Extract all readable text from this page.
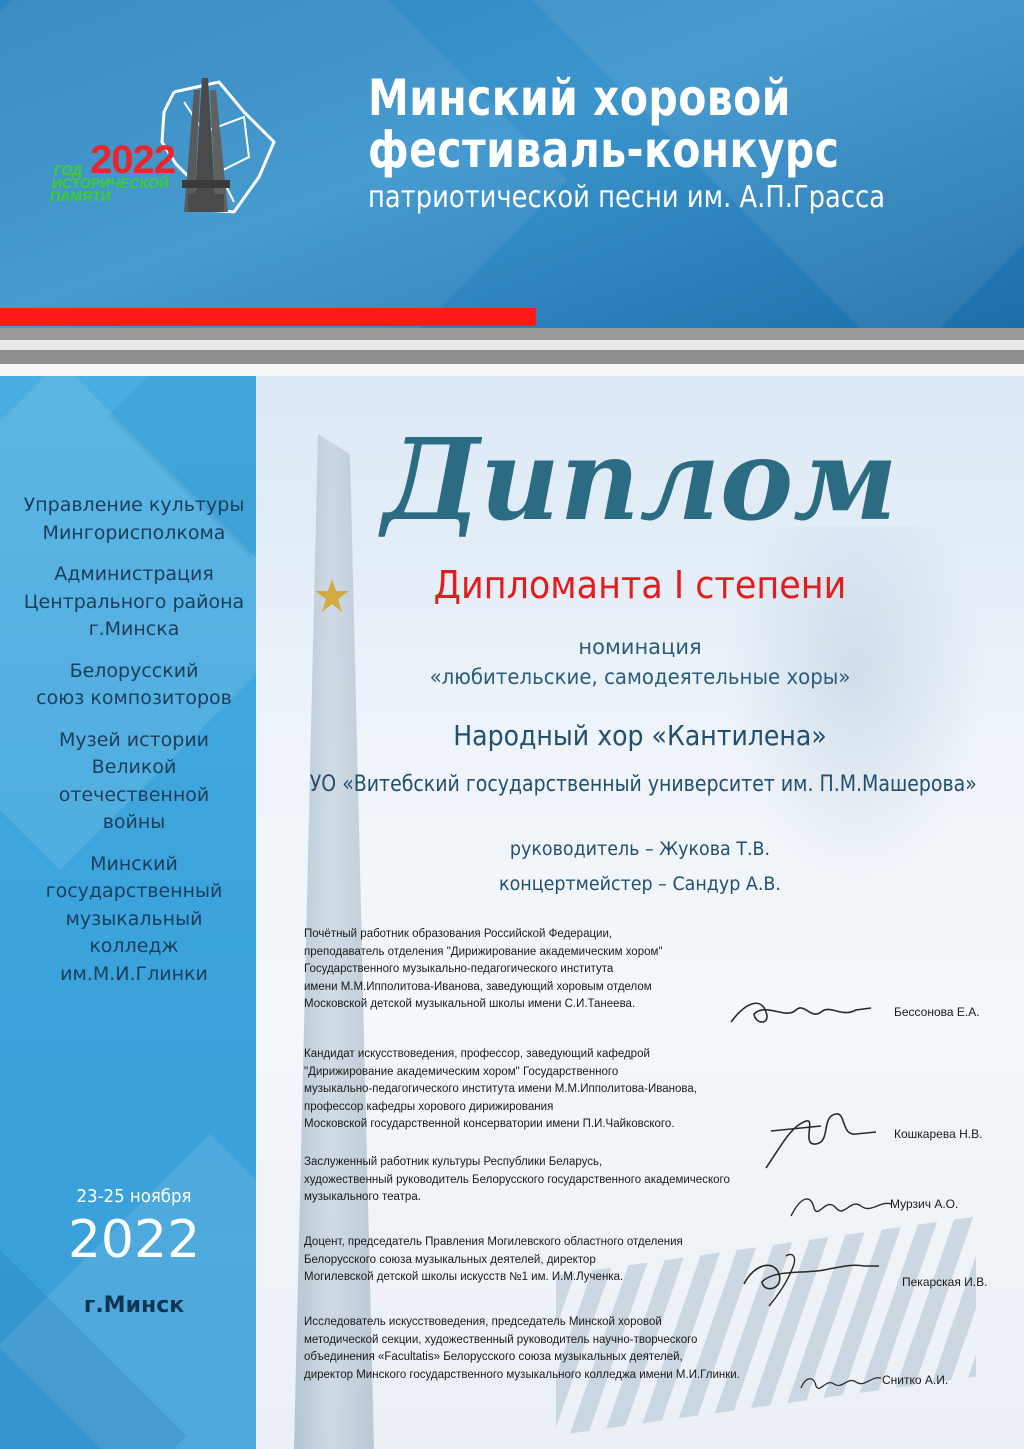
2022
ГОД
ИСТОРИЧЕСКОЙ
ПАМЯТИ
Минский хоровой
фестиваль-конкурс
патриотической песни им. А.П.Грасса
Управление культуры
Мингорисполкома
Администрация
Центрального района
г.Минска
Белорусский
союз композиторов
Музей истории
Великой
отечественной
войны
Минский
государственный
музыкальный
колледж
им.М.И.Глинки
23-25 ноября
2022
г.Минск
Диплом
Дипломанта I степени
номинация
«любительские, самодеятельные хоры»
Народный хор «Кантилена»
УО «Витебский государственный университет им. П.М.Машерова»
руководитель – Жукова Т.В.
концертмейстер – Сандур А.В.
Почётный работник образования Российской Федерации,
преподаватель отделения "Дирижирование академическим хором"
Государственного музыкально-педагогического института
имени М.М.Ипполитова-Иванова, заведующий хоровым отделом
Московской детской музыкальной школы имени С.И.Танеева.
Бессонова Е.А.
Кандидат искусствоведения, профессор, заведующий кафедрой
"Дирижирование академическим хором" Государственного
музыкально-педагогического института имени М.М.Ипполитова-Иванова,
профессор кафедры хорового дирижирования
Московской государственной консерватории имени П.И.Чайковского.
Кошкарева Н.В.
Заслуженный работник культуры Республики Беларусь,
художественный руководитель Белорусского государственного академического
музыкального театра.	Мурзич А.О.
Доцент, председатель Правления Могилевского областного отделения
Белорусского союза музыкальных деятелей, директор
Могилевской детской школы искусств №1 им. И.М.Лученка.	Пекарская И.В.
Исследователь искусствоведения, председатель Минской хоровой
методической секции, художественный руководитель научно-творческого
объединения «Facultatis» Белорусского союза музыкальных деятелей,
директор Минского государственного музыкального колледжа имени М.И.Глинки.	Снитко А.И.
